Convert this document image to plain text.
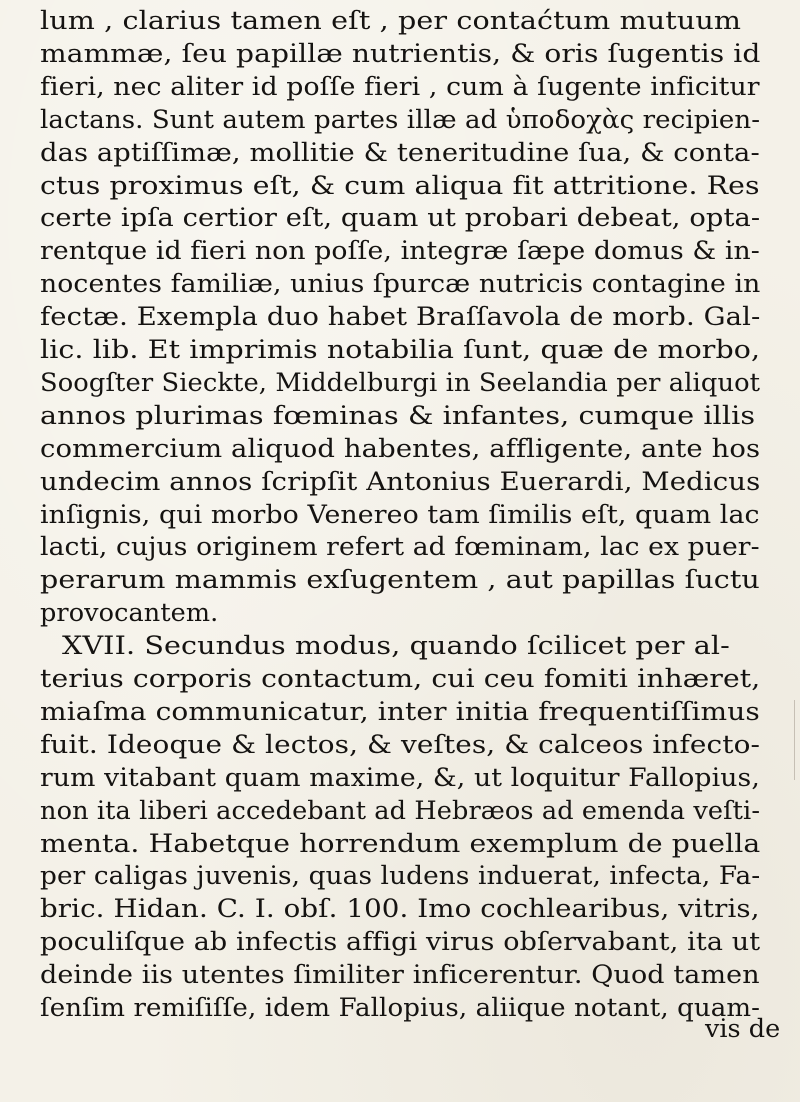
lum , clarius tamen eſt , per contaćtum mutuum
mammæ, ſeu papillæ nutrientis, & oris ſugentis id
fieri, nec aliter id poſſe fieri , cum à ſugente inficitur
lactans. Sunt autem partes illæ ad ὑποδοχὰς recipien-
das aptiſſimæ, mollitie & teneritudine ſua, & conta-
ctus proximus eſt, & cum aliqua fit attritione. Res
certe ipſa certior eſt, quam ut probari debeat, opta-
rentque id fieri non poſſe, integræ ſæpe domus & in-
nocentes familiæ, unius ſpurcæ nutricis contagine in
fectæ. Exempla duo habet Braſſavola de morb. Gal-
lic. lib. Et imprimis notabilia ſunt, quæ de morbo,
Soogſter Sieckte, Middelburgi in Seelandia per aliquot
annos plurimas fœminas & infantes, cumque illis
commercium aliquod habentes, affligente, ante hos
undecim annos ſcripſit Antonius Euerardi, Medicus
inſignis, qui morbo Venereo tam ſimilis eſt, quam lac
lacti, cujus originem refert ad fœminam, lac ex puer-
perarum mammis exſugentem , aut papillas ſuctu
provocantem.
XVII. Secundus modus, quando ſcilicet per al-
terius corporis contactum, cui ceu fomiti inhæret,
miaſma communicatur, inter initia frequentiſſimus
fuit. Ideoque & lectos, & veſtes, & calceos infecto-
rum vitabant quam maxime, &, ut loquitur Fallopius,
non ita liberi accedebant ad Hebræos ad emenda veſti-
menta. Habetque horrendum exemplum de puella
per caligas juvenis, quas ludens induerat, infecta, Fa-
bric. Hidan. C. I. obſ. 100. Imo cochlearibus, vitris,
poculiſque ab infectis affigi virus obſervabant, ita ut
deinde iis utentes ſimiliter inficerentur. Quod tamen
ſenſim remiſiſſe, idem Fallopius, aliique notant, quam-
vis de
